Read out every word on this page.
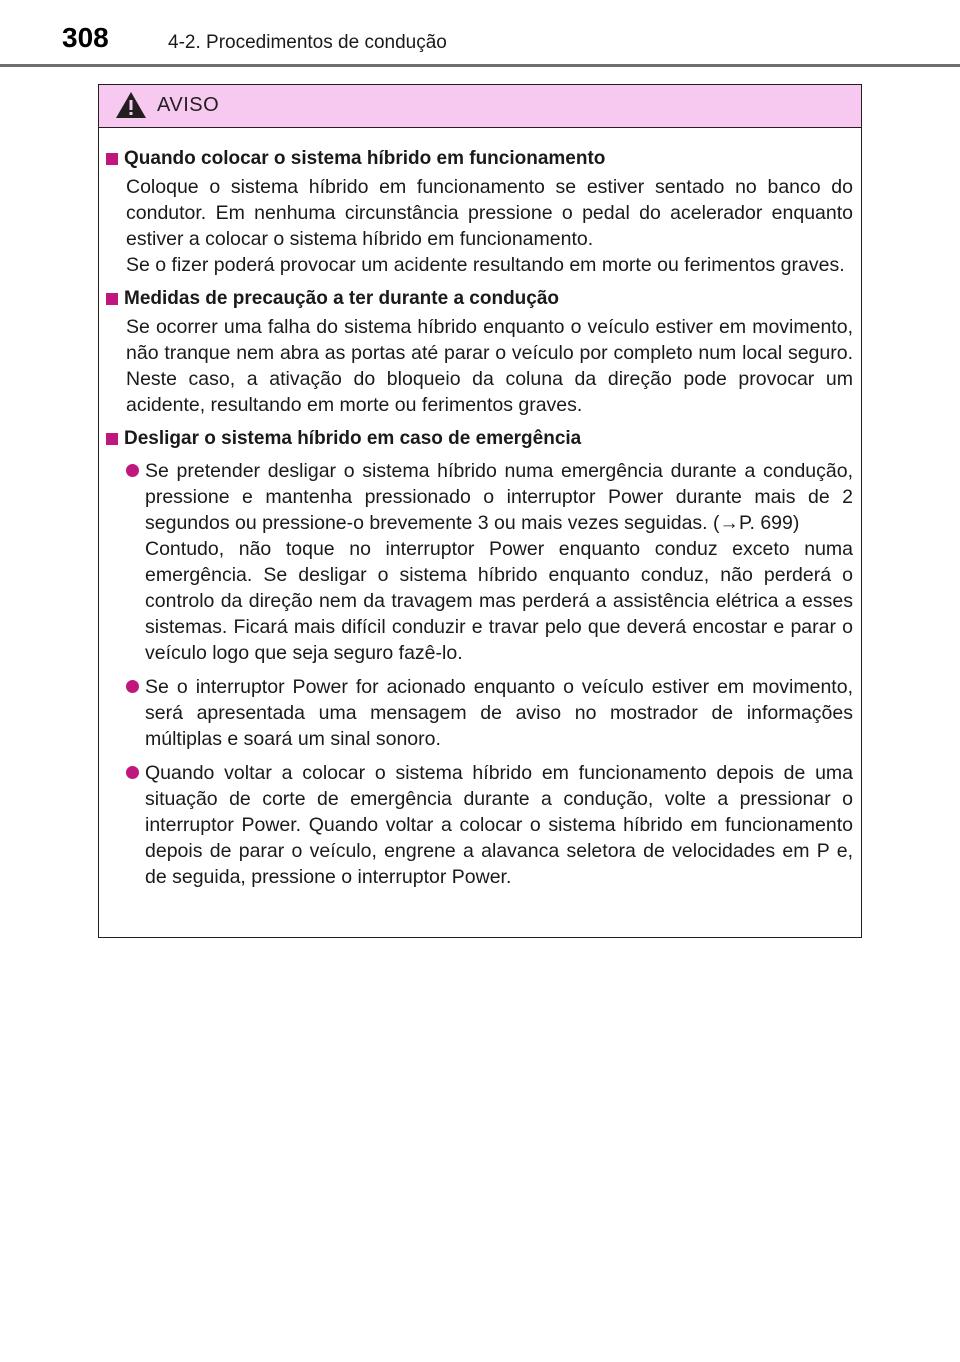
308	4-2. Procedimentos de condução
AVISO
Quando colocar o sistema híbrido em funcionamento

Coloque o sistema híbrido em funcionamento se estiver sentado no banco do condutor. Em nenhuma circunstância pressione o pedal do acelerador enquanto estiver a colocar o sistema híbrido em funcionamento.

Se o fizer poderá provocar um acidente resultando em morte ou ferimentos graves.

Medidas de precaução a ter durante a condução

Se ocorrer uma falha do sistema híbrido enquanto o veículo estiver em movimento, não tranque nem abra as portas até parar o veículo por completo num local seguro. Neste caso, a ativação do bloqueio da coluna da direção pode provocar um acidente, resultando em morte ou ferimentos graves.

Desligar o sistema híbrido em caso de emergência

Se pretender desligar o sistema híbrido numa emergência durante a condução, pressione e mantenha pressionado o interruptor Power durante mais de 2 segundos ou pressione-o brevemente 3 ou mais vezes seguidas. (→P. 699)

Contudo, não toque no interruptor Power enquanto conduz exceto numa emergência. Se desligar o sistema híbrido enquanto conduz, não perderá o controlo da direção nem da travagem mas perderá a assistência elétrica a esses sistemas. Ficará mais difícil conduzir e travar pelo que deverá encostar e parar o veículo logo que seja seguro fazê-lo.

Se o interruptor Power for acionado enquanto o veículo estiver em movimento, será apresentada uma mensagem de aviso no mostrador de informações múltiplas e soará um sinal sonoro.

Quando voltar a colocar o sistema híbrido em funcionamento depois de uma situação de corte de emergência durante a condução, volte a pressionar o interruptor Power. Quando voltar a colocar o sistema híbrido em funcionamento depois de parar o veículo, engrene a alavanca seletora de velocidades em P e, de seguida, pressione o interruptor Power.
